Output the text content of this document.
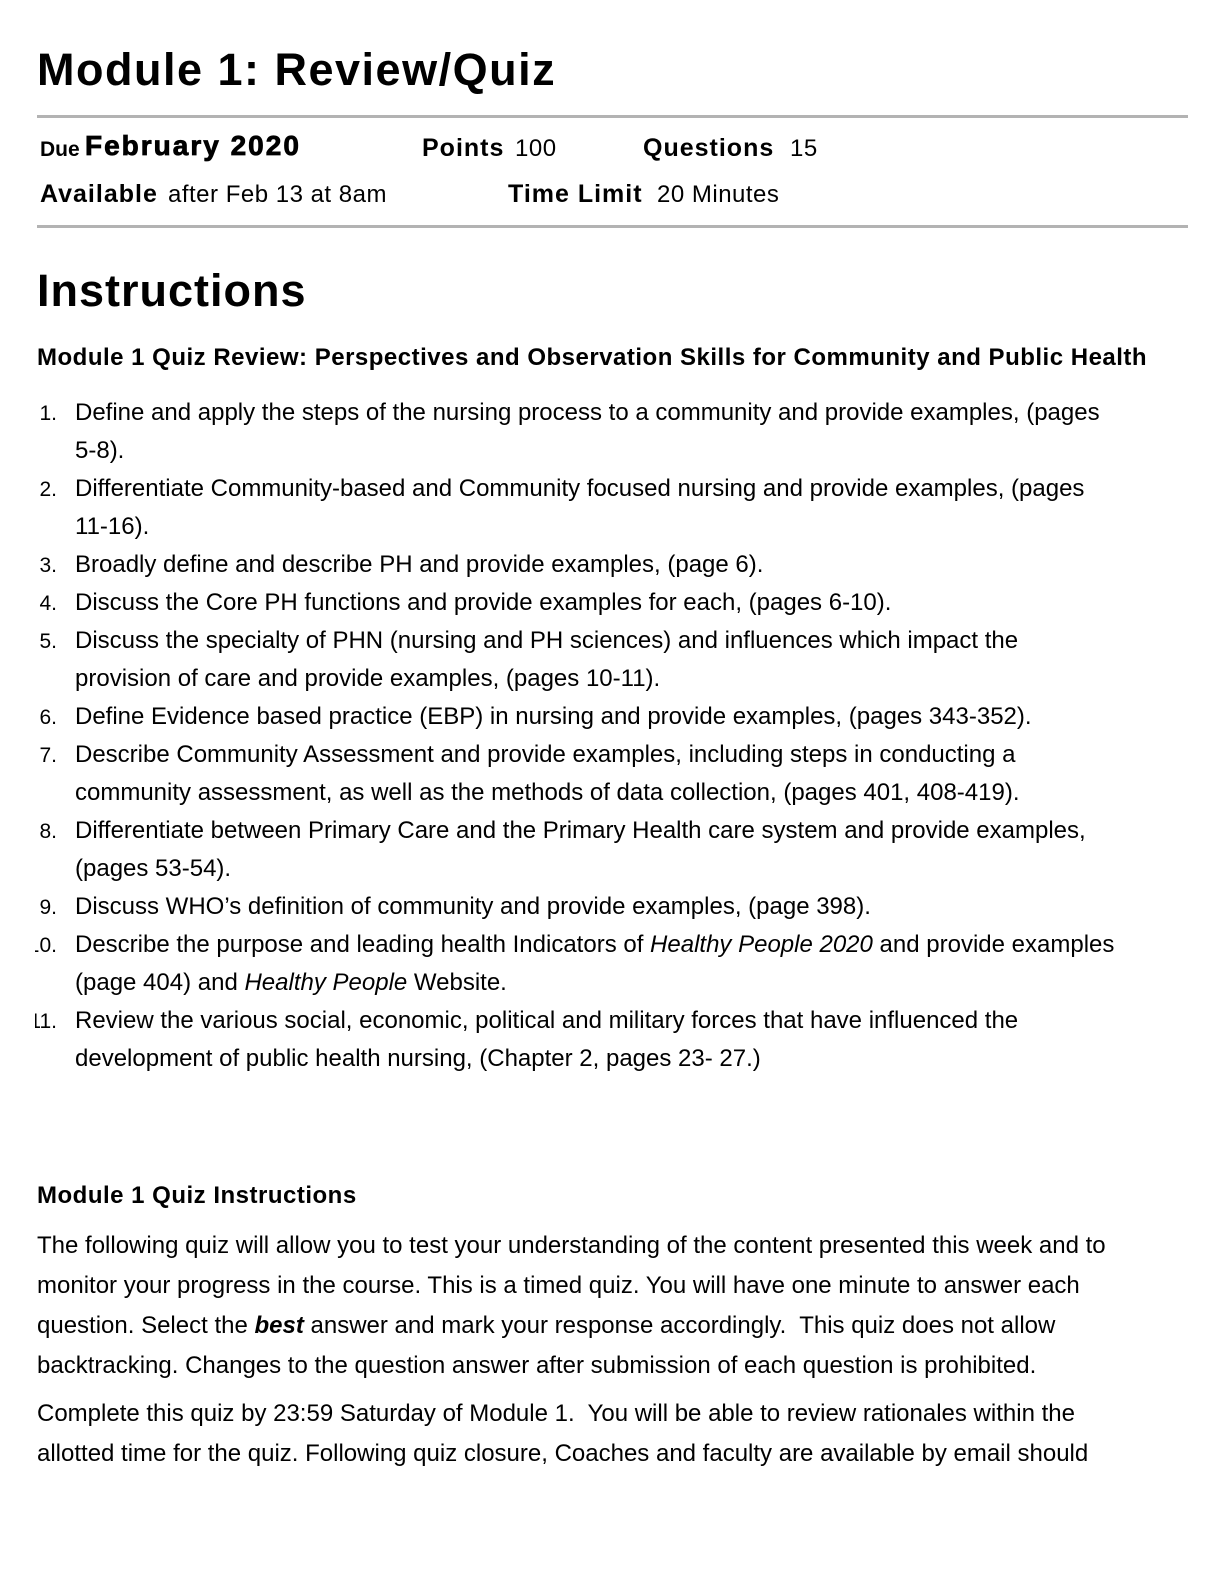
Module 1: Review/Quiz
Due February 2020	Points 100	Questions 15
Available after Feb 13 at 8am	Time Limit 20 Minutes
Instructions
Module 1 Quiz Review: Perspectives and Observation Skills for Community and Public Health
Define and apply the steps of the nursing process to a community and provide examples, (pages
5-8).
Differentiate Community-based and Community focused nursing and provide examples, (pages
11-16).
Broadly define and describe PH and provide examples, (page 6).
Discuss the Core PH functions and provide examples for each, (pages 6-10).
Discuss the specialty of PHN (nursing and PH sciences) and influences which impact the
provision of care and provide examples, (pages 10-11).
Define Evidence based practice (EBP) in nursing and provide examples, (pages 343-352).
Describe Community Assessment and provide examples, including steps in conducting a
community assessment, as well as the methods of data collection, (pages 401, 408-419).
Differentiate between Primary Care and the Primary Health care system and provide examples,
(pages 53-54).
Discuss WHO’s definition of community and provide examples, (page 398).
Describe the purpose and leading health Indicators of Healthy People 2020 and provide examples
(page 404) and Healthy People Website.
Review the various social, economic, political and military forces that have influenced the
development of public health nursing, (Chapter 2, pages 23- 27.)
Module 1 Quiz Instructions

The following quiz will allow you to test your understanding of the content presented this week and to
monitor your progress in the course. This is a timed quiz. You will have one minute to answer each
question. Select the best answer and mark your response accordingly.  This quiz does not allow
backtracking. Changes to the question answer after submission of each question is prohibited.

Complete this quiz by 23:59 Saturday of Module 1.  You will be able to review rationales within the
allotted time for the quiz. Following quiz closure, Coaches and faculty are available by email should
